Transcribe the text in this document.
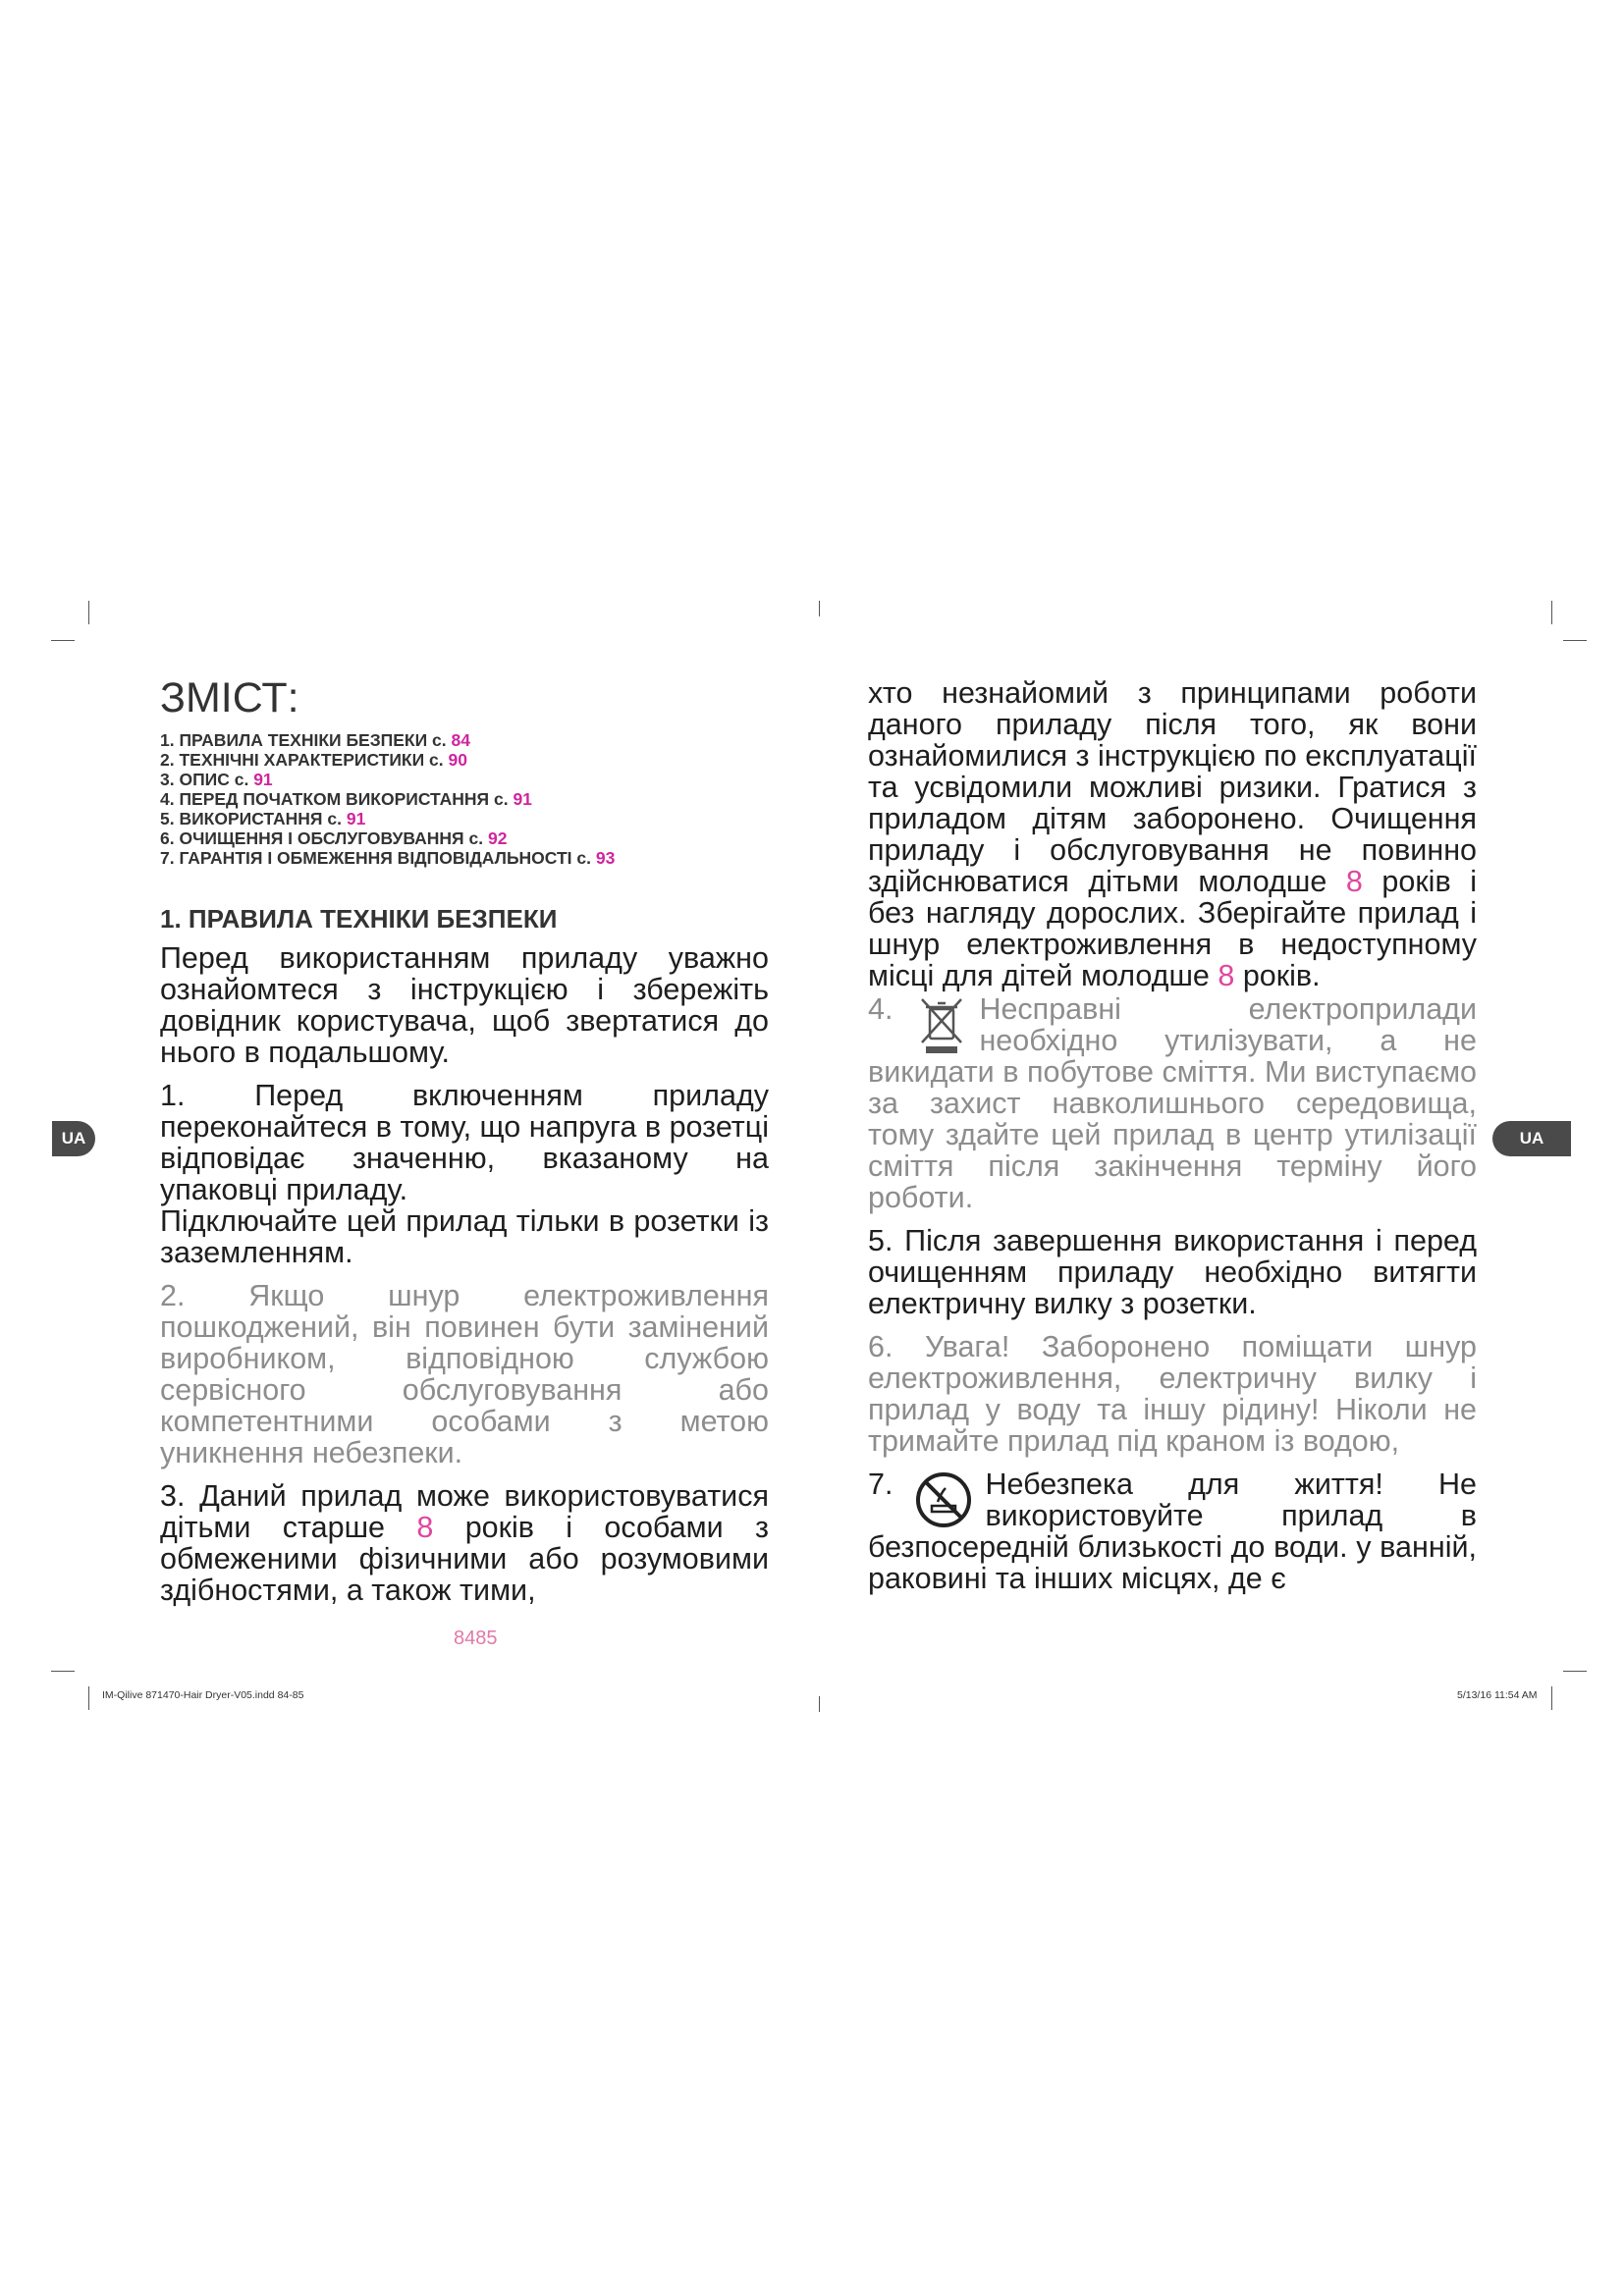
UA	UA
ЗМІСТ:
1. ПРАВИЛА ТЕХНІКИ БЕЗПЕКИ с. 84
2. ТЕХНІЧНІ ХАРАКТЕРИСТИКИ с. 90
3. ОПИС с. 91
4. ПЕРЕД ПОЧАТКОМ ВИКОРИСТАННЯ с. 91
5. ВИКОРИСТАННЯ с. 91
6. ОЧИЩЕННЯ І ОБСЛУГОВУВАННЯ с. 92
7. ГАРАНТІЯ І ОБМЕЖЕННЯ ВІДПОВІДАЛЬНОСТІ с. 93
1. ПРАВИЛА ТЕХНІКИ БЕЗПЕКИ

Перед використанням приладу уважно ознайомтеся з інструкцією і збережіть довідник користувача, щоб звертатися до нього в подальшому.

1. Перед включенням приладу переконайтеся в тому, що напруга в розетці відповідає значенню, вказаному на упаковці приладу.

Підключайте цей прилад тільки в розетки із заземленням.

2. Якщо шнур електроживлення пошкоджений, він повинен бути замінений виробником, відповідною службою сервісного обслуговування або компетентними особами з метою уникнення небезпеки.

3. Даний прилад може використовуватися дітьми старше 8 років і особами з обмеженими фізичними або розумовими здібностями, а також тими,

хто незнайомий з принципами роботи даного приладу після того, як вони ознайомилися з інструкцією по експлуатації та усвідомили можливі ризики. Гратися з приладом дітям заборонено. Очищення приладу і обслуговування не повинно здійснюватися дітьми молодше 8 років і без нагляду дорослих. Зберігайте прилад і шнур електроживлення в недоступному місці для дітей молодше 8 років.

4.	Несправні електроприлади необхідно утилізувати, а не викидати в побутове сміття. Ми виступаємо за захист навколишнього середовища, тому здайте цей прилад в центр утилізації сміття після закінчення терміну його роботи.

5. Після завершення використання і перед очищенням приладу необхідно витягти електричну вилку з розетки.

6. Увага! Заборонено поміщати шнур електроживлення, електричну вилку і прилад у воду та іншу рідину! Ніколи не тримайте прилад під краном із водою,

7.	Небезпека для життя! Не використовуйте прилад в безпосередній близькості до води. у ванній, раковині та інших місцях, де є

8485
IM-Qilive 871470-Hair Dryer-V05.indd 84-85	5/13/16 11:54 AM
